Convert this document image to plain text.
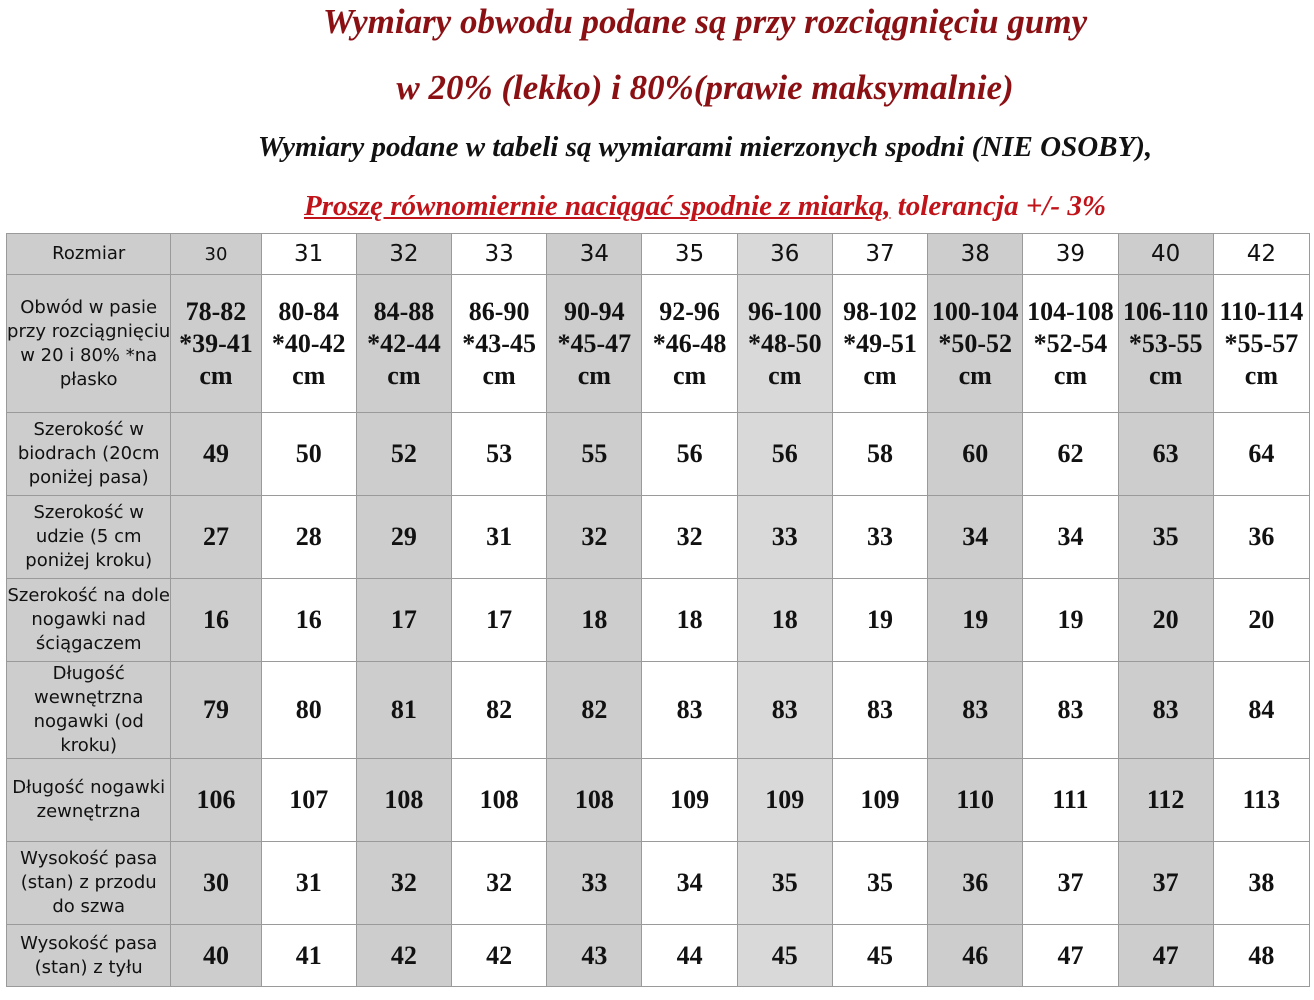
Wymiary obwodu podane są przy rozciągnięciu gumy
w 20% (lekko) i 80%(prawie maksymalnie)
Wymiary podane w tabeli są wymiarami mierzonych spodni (NIE OSOBY),
Proszę równomiernie naciągać spodnie z miarką, tolerancja +/- 3%
Rozmiar	30	31	32	33	34	35	36	37	38	39	40	42
Obwód w pasie przy rozciągnięciu w 20 i 80% *na płasko	78-82 *39-41 cm	80-84 *40-42 cm	84-88 *42-44 cm	86-90 *43-45 cm	90-94 *45-47 cm	92-96 *46-48 cm	96-100 *48-50 cm	98-102 *49-51 cm	100-104 *50-52 cm	104-108 *52-54 cm	106-110 *53-55 cm	110-114 *55-57 cm
Szerokość w biodrach (20cm poniżej pasa)	49	50	52	53	55	56	56	58	60	62	63	64
Szerokość w udzie (5 cm poniżej kroku)	27	28	29	31	32	32	33	33	34	34	35	36
Szerokość na dole nogawki nad ściągaczem	16	16	17	17	18	18	18	19	19	19	20	20
Długość wewnętrzna nogawki (od kroku)	79	80	81	82	82	83	83	83	83	83	83	84
Długość nogawki zewnętrzna	106	107	108	108	108	109	109	109	110	111	112	113
Wysokość pasa (stan) z przodu do szwa	30	31	32	32	33	34	35	35	36	37	37	38
Wysokość pasa (stan) z tyłu	40	41	42	42	43	44	45	45	46	47	47	48
